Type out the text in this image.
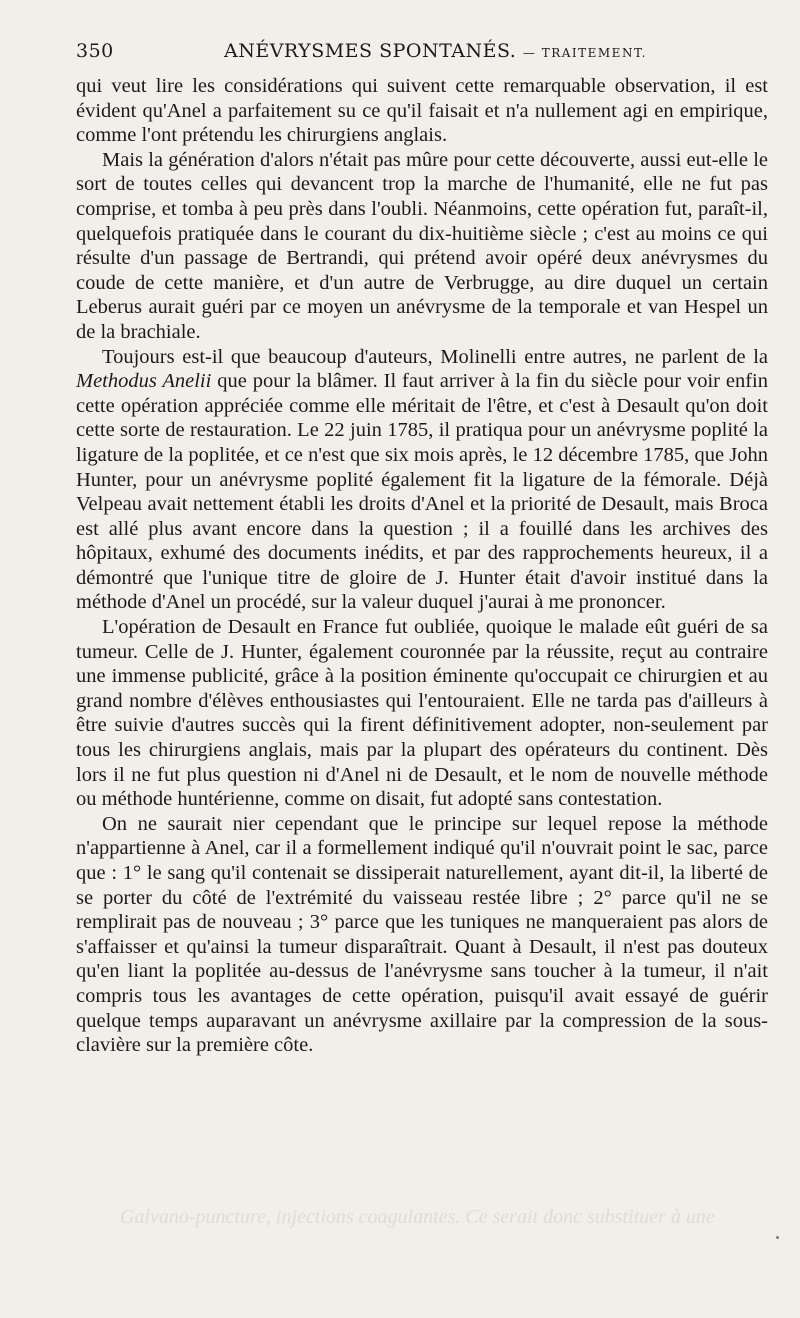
350	ANÉVRYSMES SPONTANÉS. — TRAITEMENT.

qui veut lire les considérations qui suivent cette remarquable observation, il est évident qu'Anel a parfaitement su ce qu'il faisait et n'a nullement agi en empirique, comme l'ont prétendu les chirurgiens anglais.

Mais la génération d'alors n'était pas mûre pour cette découverte, aussi eut-elle le sort de toutes celles qui devancent trop la marche de l'humanité, elle ne fut pas comprise, et tomba à peu près dans l'oubli. Néanmoins, cette opération fut, paraît-il, quelquefois pratiquée dans le courant du dix-huitième siècle ; c'est au moins ce qui résulte d'un passage de Bertrandi, qui prétend avoir opéré deux anévrysmes du coude de cette manière, et d'un autre de Verbrugge, au dire duquel un certain Leberus aurait guéri par ce moyen un anévrysme de la temporale et van Hespel un de la brachiale.

Toujours est-il que beaucoup d'auteurs, Molinelli entre autres, ne parlent de la Methodus Anelii que pour la blâmer. Il faut arriver à la fin du siècle pour voir enfin cette opération appréciée comme elle méritait de l'être, et c'est à Desault qu'on doit cette sorte de restauration. Le 22 juin 1785, il pratiqua pour un anévrysme poplité la ligature de la poplitée, et ce n'est que six mois après, le 12 décembre 1785, que John Hunter, pour un anévrysme poplité également fit la ligature de la fémorale. Déjà Velpeau avait nettement établi les droits d'Anel et la priorité de Desault, mais Broca est allé plus avant encore dans la question ; il a fouillé dans les archives des hôpitaux, exhumé des documents inédits, et par des rapprochements heureux, il a démontré que l'unique titre de gloire de J. Hunter était d'avoir institué dans la méthode d'Anel un procédé, sur la valeur duquel j'aurai à me prononcer.

L'opération de Desault en France fut oubliée, quoique le malade eût guéri de sa tumeur. Celle de J. Hunter, également couronnée par la réussite, reçut au contraire une immense publicité, grâce à la position éminente qu'occupait ce chirurgien et au grand nombre d'élèves enthousiastes qui l'entouraient. Elle ne tarda pas d'ailleurs à être suivie d'autres succès qui la firent définitivement adopter, non-seulement par tous les chirurgiens anglais, mais par la plupart des opérateurs du continent. Dès lors il ne fut plus question ni d'Anel ni de Desault, et le nom de nouvelle méthode ou méthode huntérienne, comme on disait, fut adopté sans contestation.

On ne saurait nier cependant que le principe sur lequel repose la méthode n'appartienne à Anel, car il a formellement indiqué qu'il n'ouvrait point le sac, parce que : 1° le sang qu'il contenait se dissiperait naturellement, ayant dit-il, la liberté de se porter du côté de l'extrémité du vaisseau restée libre ; 2° parce qu'il ne se remplirait pas de nouveau ; 3° parce que les tuniques ne manqueraient pas alors de s'affaisser et qu'ainsi la tumeur disparaîtrait. Quant à Desault, il n'est pas douteux qu'en liant la poplitée au-dessus de l'anévrysme sans toucher à la tumeur, il n'ait compris tous les avantages de cette opération, puisqu'il avait essayé de guérir quelque temps auparavant un anévrysme axillaire par la compression de la sous-clavière sur la première côte.

Galvano-puncture, injections coagulantes. Ce serait donc substituer à une
